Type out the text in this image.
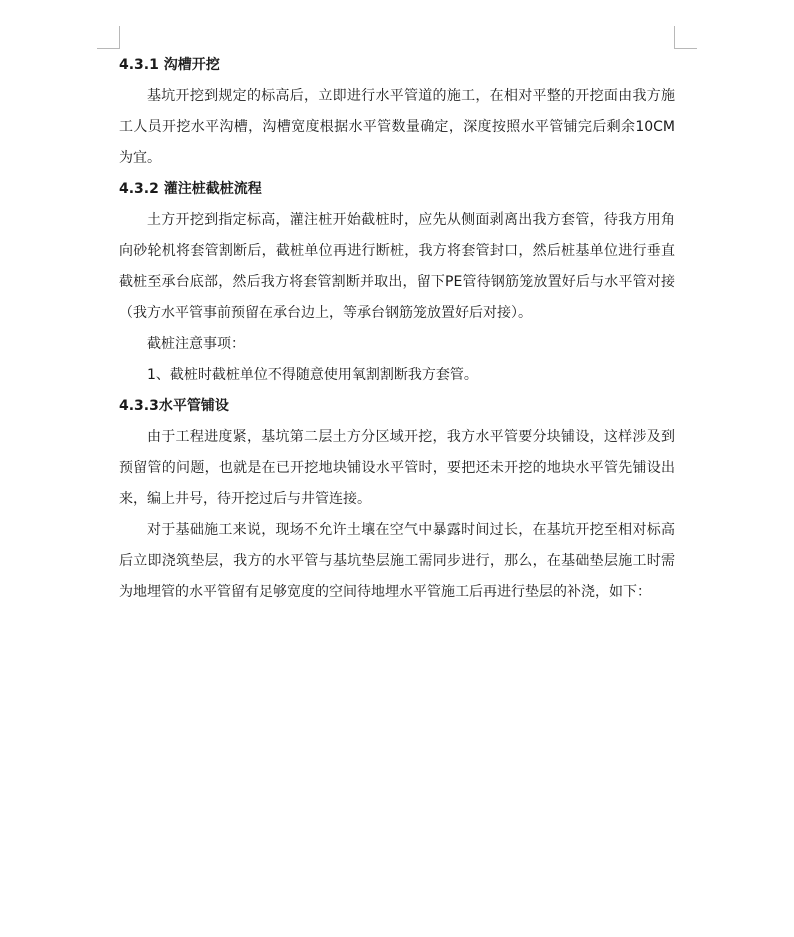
4.3.1 沟槽开挖

基坑开挖到规定的标高后，立即进行水平管道的施工，在相对平整的开挖面由我方施工人员开挖水平沟槽，沟槽宽度根据水平管数量确定，深度按照水平管铺完后剩余10CM为宜。

4.3.2 灌注桩截桩流程

土方开挖到指定标高，灌注桩开始截桩时，应先从侧面剥离出我方套管，待我方用角向砂轮机将套管割断后，截桩单位再进行断桩，我方将套管封口，然后桩基单位进行垂直截桩至承台底部，然后我方将套管割断并取出，留下PE管待钢筋笼放置好后与水平管对接（我方水平管事前预留在承台边上，等承台钢筋笼放置好后对接）。

截桩注意事项：

1、截桩时截桩单位不得随意使用氧割割断我方套管。

4.3.3水平管铺设

由于工程进度紧，基坑第二层土方分区域开挖，我方水平管要分块铺设，这样涉及到预留管的问题，也就是在已开挖地块铺设水平管时，要把还未开挖的地块水平管先铺设出来，编上井号，待开挖过后与井管连接。

对于基础施工来说，现场不允许土壤在空气中暴露时间过长，在基坑开挖至相对标高后立即浇筑垫层，我方的水平管与基坑垫层施工需同步进行，那么，在基础垫层施工时需为地埋管的水平管留有足够宽度的空间待地埋水平管施工后再进行垫层的补浇，如下：
